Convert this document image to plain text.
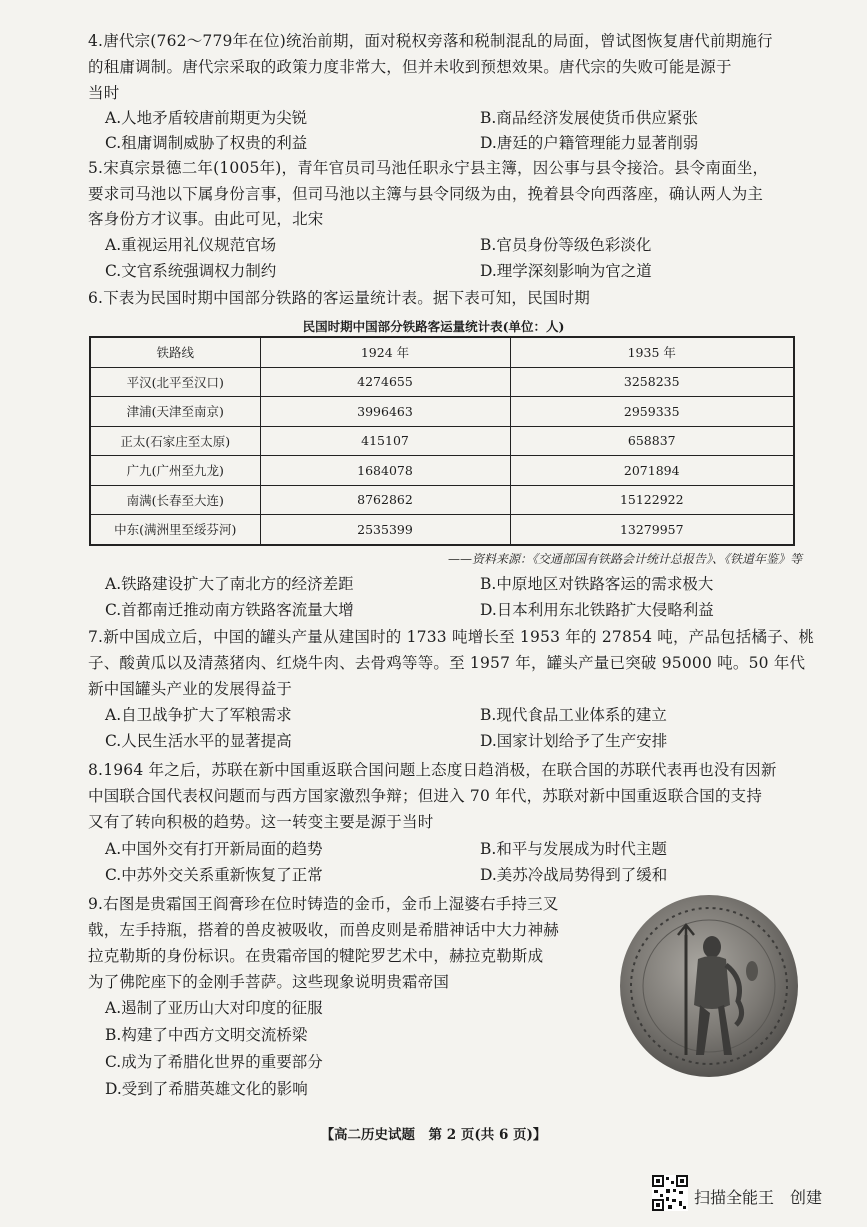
4.唐代宗(762～779年在位)统治前期，面对税权旁落和税制混乱的局面，曾试图恢复唐代前期施行
的租庸调制。唐代宗采取的政策力度非常大，但并未收到预想效果。唐代宗的失败可能是源于
当时
A.人地矛盾较唐前期更为尖锐	B.商品经济发展使货币供应紧张
C.租庸调制威胁了权贵的利益	D.唐廷的户籍管理能力显著削弱
5.宋真宗景德二年(1005年)，青年官员司马池任职永宁县主簿，因公事与县令接洽。县令南面坐，
要求司马池以下属身份言事，但司马池以主簿与县令同级为由，挽着县令向西落座，确认两人为主
客身份方才议事。由此可见，北宋
A.重视运用礼仪规范官场	B.官员身份等级色彩淡化
C.文官系统强调权力制约	D.理学深刻影响为官之道
6.下表为民国时期中国部分铁路的客运量统计表。据下表可知，民国时期
民国时期中国部分铁路客运量统计表(单位：人)
铁路线	1924 年	1935 年
平汉(北平至汉口)	4274655	3258235
津浦(天津至南京)	3996463	2959335
正太(石家庄至太原)	415107	658837
广九(广州至九龙)	1684078	2071894
南满(长春至大连)	8762862	15122922
中东(满洲里至绥芬河)	2535399	13279957
——资料来源：《交通部国有铁路会计统计总报告》、《铁道年鉴》等
A.铁路建设扩大了南北方的经济差距	B.中原地区对铁路客运的需求极大
C.首都南迁推动南方铁路客流量大增	D.日本利用东北铁路扩大侵略利益
7.新中国成立后，中国的罐头产量从建国时的 1733 吨增长至 1953 年的 27854 吨，产品包括橘子、桃
子、酸黄瓜以及清蒸猪肉、红烧牛肉、去骨鸡等等。至 1957 年，罐头产量已突破 95000 吨。50 年代
新中国罐头产业的发展得益于
A.自卫战争扩大了军粮需求	B.现代食品工业体系的建立
C.人民生活水平的显著提高	D.国家计划给予了生产安排
8.1964 年之后，苏联在新中国重返联合国问题上态度日趋消极，在联合国的苏联代表再也没有因新
中国联合国代表权问题而与西方国家激烈争辩；但进入 70 年代，苏联对新中国重返联合国的支持
又有了转向积极的趋势。这一转变主要是源于当时
A.中国外交有打开新局面的趋势	B.和平与发展成为时代主题
C.中苏外交关系重新恢复了正常	D.美苏冷战局势得到了缓和
9.右图是贵霜国王阎膏珍在位时铸造的金币，金币上湿婆右手持三叉
戟，左手持瓶，搭着的兽皮被吸收，而兽皮则是希腊神话中大力神赫
拉克勒斯的身份标识。在贵霜帝国的犍陀罗艺术中，赫拉克勒斯成
为了佛陀座下的金刚手菩萨。这些现象说明贵霜帝国
A.遏制了亚历山大对印度的征服
B.构建了中西方文明交流桥梁
C.成为了希腊化世界的重要部分
D.受到了希腊英雄文化的影响
【高二历史试题　第 2 页(共 6 页)】
扫描全能王　创建
